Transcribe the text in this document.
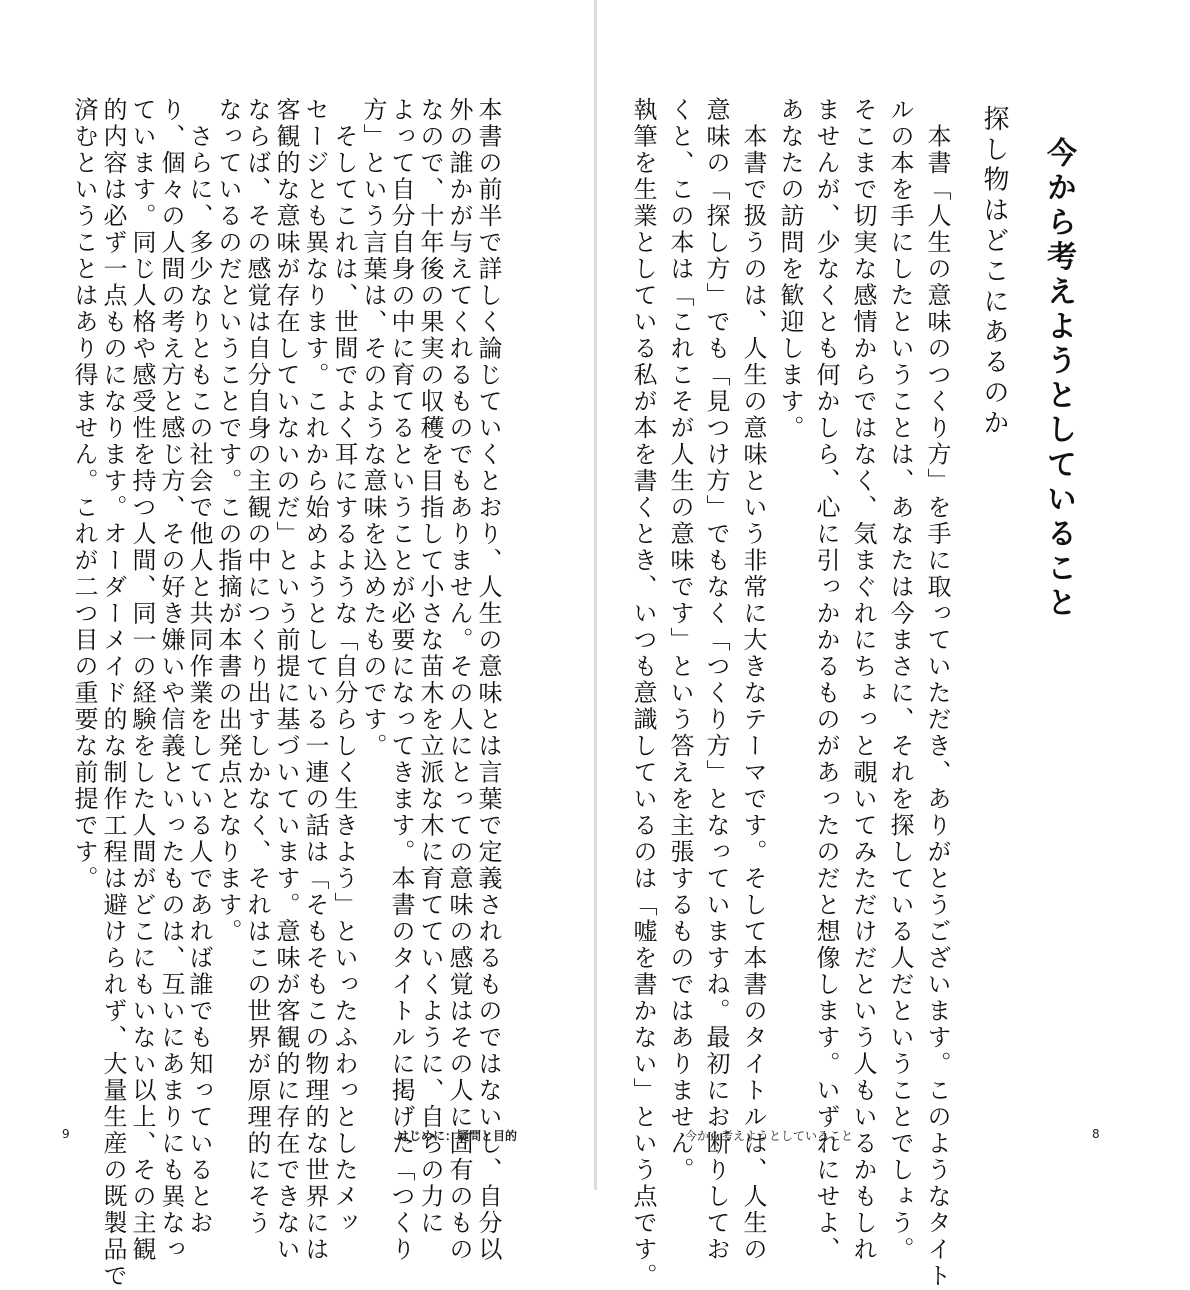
今から考えようとしていること
探し物はどこにあるのか
　本書「人生の意味のつくり方」を手に取っていただき、ありがとうございます。このようなタイト
ルの本を手にしたということは、あなたは今まさに、それを探している人だということでしょう。
そこまで切実な感情からではなく、気まぐれにちょっと覗いてみただけだという人もいるかもしれ
ませんが、少なくとも何かしら、心に引っかかるものがあったのだと想像します。いずれにせよ、
あなたの訪問を歓迎します。
　本書で扱うのは、人生の意味という非常に大きなテーマです。そして本書のタイトルは、人生の
意味の「探し方」でも「見つけ方」でもなく「つくり方」となっていますね。最初にお断りしてお
くと、この本は「これこそが人生の意味です」という答えを主張するものではありません。
執筆を生業としている私が本を書くとき、いつも意識しているのは「嘘を書かない」という点です。
本書の前半で詳しく論じていくとおり、人生の意味とは言葉で定義されるものではないし、自分以
外の誰かが与えてくれるものでもありません。その人にとっての意味の感覚はその人に固有のもの
なので、十年後の果実の収穫を目指して小さな苗木を立派な木に育てていくように、自らの力に
よって自分自身の中に育てるということが必要になってきます。本書のタイトルに掲げた「つくり
方」という言葉は、そのような意味を込めたものです。
　そしてこれは、世間でよく耳にするような「自分らしく生きよう」といったふわっとしたメッ
セージとも異なります。これから始めようとしている一連の話は「そもそもこの物理的な世界には
客観的な意味が存在していないのだ」という前提に基づいています。意味が客観的に存在できない
ならば、その感覚は自分自身の主観の中につくり出すしかなく、それはこの世界が原理的にそう
なっているのだということです。この指摘が本書の出発点となります。
　さらに、多少なりともこの社会で他人と共同作業をしている人であれば誰でも知っているとお
り、個々の人間の考え方と感じ方、その好き嫌いや信義といったものは、互いにあまりにも異なっ
ています。同じ人格や感受性を持つ人間、同一の経験をした人間がどこにもいない以上、その主観
9	はじめに：疑問と目的	今から考えようとしていること	8
的内容は必ず一点ものになります。オーダーメイド的な制作工程は避けられず、大量生産の既製品で
済むということはあり得ません。これが二つ目の重要な前提です。
